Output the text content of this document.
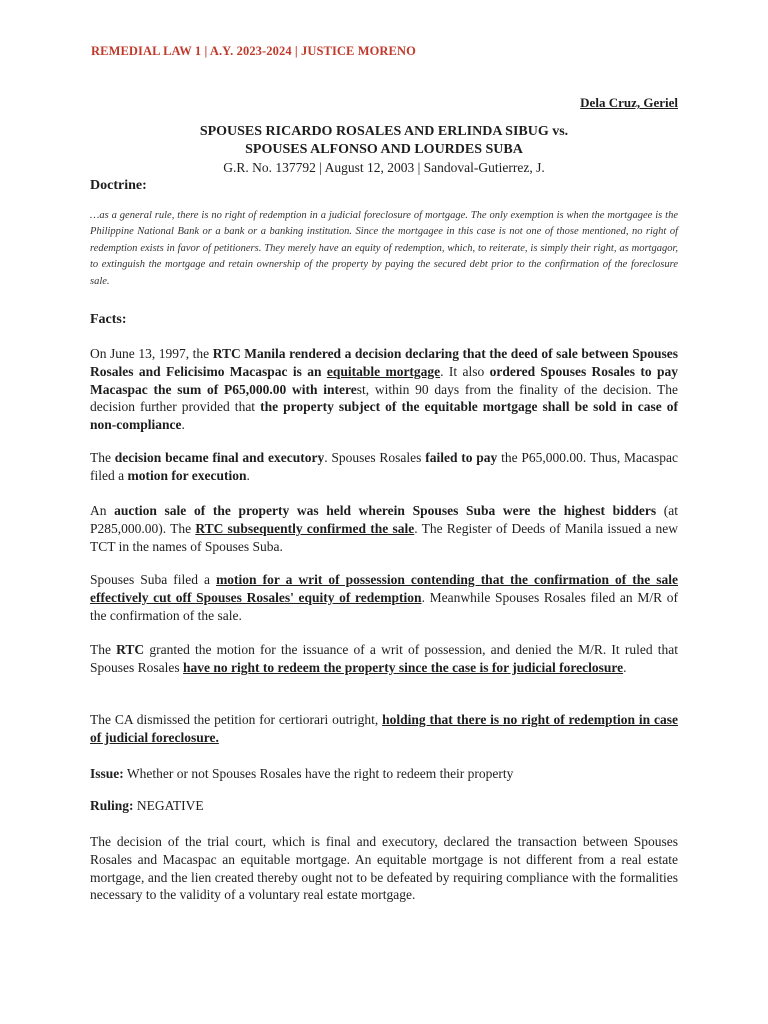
REMEDIAL LAW 1 | A.Y. 2023-2024 | JUSTICE MORENO
Dela Cruz, Geriel
SPOUSES RICARDO ROSALES AND ERLINDA SIBUG vs.
SPOUSES ALFONSO AND LOURDES SUBA
G.R. No. 137792 | August 12, 2003 | Sandoval-Gutierrez, J.
Doctrine:
…as a general rule, there is no right of redemption in a judicial foreclosure of mortgage. The only exemption is when the mortgagee is the Philippine National Bank or a bank or a banking institution. Since the mortgagee in this case is not one of those mentioned, no right of redemption exists in favor of petitioners. They merely have an equity of redemption, which, to reiterate, is simply their right, as mortgagor, to extinguish the mortgage and retain ownership of the property by paying the secured debt prior to the confirmation of the foreclosure sale.
Facts:
On June 13, 1997, the RTC Manila rendered a decision declaring that the deed of sale between Spouses Rosales and Felicisimo Macaspac is an equitable mortgage. It also ordered Spouses Rosales to pay Macaspac the sum of P65,000.00 with interest, within 90 days from the finality of the decision. The decision further provided that the property subject of the equitable mortgage shall be sold in case of non-compliance.
The decision became final and executory. Spouses Rosales failed to pay the P65,000.00. Thus, Macaspac filed a motion for execution.
An auction sale of the property was held wherein Spouses Suba were the highest bidders (at P285,000.00). The RTC subsequently confirmed the sale. The Register of Deeds of Manila issued a new TCT in the names of Spouses Suba.
Spouses Suba filed a motion for a writ of possession contending that the confirmation of the sale effectively cut off Spouses Rosales' equity of redemption. Meanwhile Spouses Rosales filed an M/R of the confirmation of the sale.
The RTC granted the motion for the issuance of a writ of possession, and denied the M/R. It ruled that Spouses Rosales have no right to redeem the property since the case is for judicial foreclosure.
The CA dismissed the petition for certiorari outright, holding that there is no right of redemption in case of judicial foreclosure.
Issue: Whether or not Spouses Rosales have the right to redeem their property
Ruling: NEGATIVE
The decision of the trial court, which is final and executory, declared the transaction between Spouses Rosales and Macaspac an equitable mortgage. An equitable mortgage is not different from a real estate mortgage, and the lien created thereby ought not to be defeated by requiring compliance with the formalities necessary to the validity of a voluntary real estate mortgage.
